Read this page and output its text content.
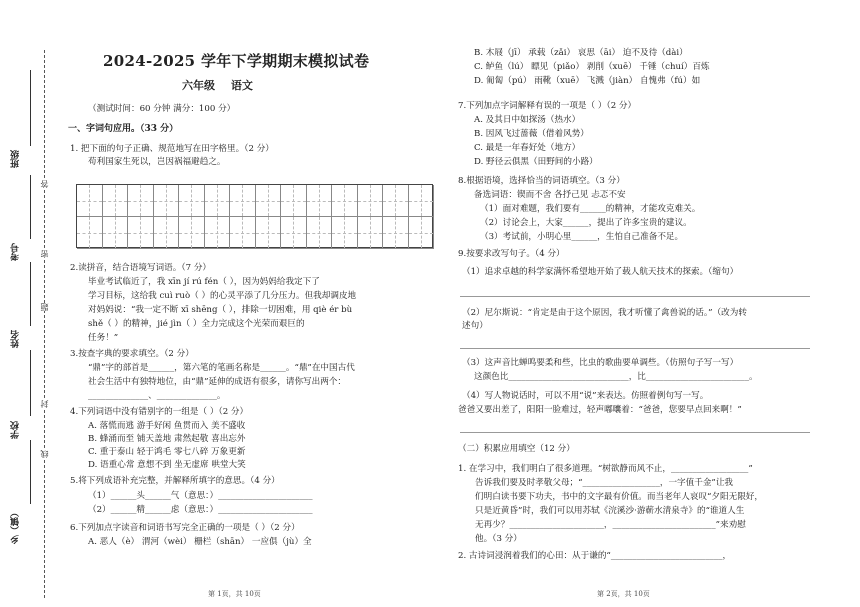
班级
考号
姓名
学校
乡（镇）
答
密
题
封
线
2024-2025 学年下学期期末模拟试卷
六年级 语文
（测试时间：60 分钟 满分：100 分）
一、字词句应用。（33 分）
1. 把下面的句子正确、规范地写在田字格里。（2 分）
苟利国家生死以，岂因祸福避趋之。
2.读拼音，结合语境写词语。（7 分）
毕业考试临近了，我 xīn jí rú fén（ ），因为妈妈给我定下了
学习目标，这给我 cuì ruò（ ）的心灵平添了几分压力。但我却调皮地
对妈妈说：“我一定不断 xī shēng（ ），排除一切困难，用 qiè ér bù
shě（ ）的精神，jié jìn（ ）全力完成这个光荣而艰巨的
任务！”
3.按查字典的要求填空。（2 分）
“鼎”字的部首是______，第六笔的笔画名称是______。“鼎”在中国古代
社会生活中有独特地位，由“鼎”延伸的成语有很多，请你写出两个：
______________、______________。
4.下列词语中没有错别字的一组是（ ）（2 分）
A. 落慌而逃 游手好闲 鱼贯而入 美不盛收
B. 蜂涌而至 铺天盖地 肃然起敬 喜出忘外
C. 重于泰山 轻于鸿毛 零七八碎 万象更新
D. 语重心常 意想不到 坐无虚席 哄堂大笑
5.将下列成语补充完整，并解释所填字的意思。（4 分）
（1）______头______气（意思：）______________________
（2）______精______虑（意思：）______________________
6.下列加点字读音和词语书写完全正确的一项是（ ）（2 分）
A. 恶人（è） 渭河（wèi） 栅栏（shān） 一应俱（jù）全
第 1页，共 10页
B. 木屐（jī） 承载（zǎi） 哀思（āi） 迫不及待（dài）
C. 鲈鱼（lú） 瞟见（piǎo） 剥削（xuē） 千锤（chuí）百炼
D. 匍匐（pú） 雨靴（xuē） 飞溅（jiàn） 自愧弗（fú）如
7.下列加点字词解释有误的一项是（ ）（2 分）
A. 及其日中如探汤（热水）
B. 因风飞过蔷薇（借着风势）
C. 最是一年春好处（地方）
D. 野径云俱黑（田野间的小路）
8.根据语境，选择恰当的词语填空。（3 分）
备选词语：锲而不舍 各抒己见 忐忑不安
（1）面对难题，我们要有______的精神，才能攻克难关。
（2）讨论会上，大家______，提出了许多宝贵的建议。
（3）考试前，小明心里______，生怕自己准备不足。
9.按要求改写句子。（4 分）
（1）追求卓越的科学家满怀希望地开始了载人航天技术的探索。（缩句）
（2）尼尔斯说：“肯定是由于这个原因，我才听懂了禽兽说的话。”（改为转
述句）
（3）这声音比蝉鸣要柔和些，比虫的歌曲要单调些。（仿照句子写一写）
这颜色比____________________________，比________________________。
（4）写人物说话时，可以不用“说”来表达。仿照着例句写一写。
爸爸又要出差了，阳阳一脸难过，轻声嘟囔着：“爸爸，您要早点回来啊！”
（二）积累应用填空（12 分）
1. 在学习中，我们明白了很多道理。“树欲静而风不止，__________________”
告诉我们要及时孝敬父母；“__________________，一字值千金”让我
们明白读书要下功夫，书中的文字最有价值。而当老年人哀叹“夕阳无限好，
只是近黄昏”时，我们可以用苏轼《浣溪沙·游蕲水清泉寺》的“谁道人生
无再少？______________________，________________________”来劝慰
他。（3 分）
2. 古诗词浸润着我们的心田：从于谦的“__________________________，
第 2页，共 10页
